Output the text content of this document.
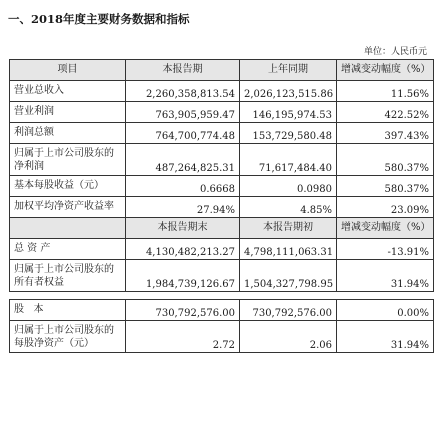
一、2018年度主要财务数据和指标
单位：人民币元
项目	本报告期	上年同期	增减变动幅度（%）
营业总收入	2,260,358,813.54	2,026,123,515.86	11.56%
营业利润	763,905,959.47	146,195,974.53	422.52%
利润总额	764,700,774.48	153,729,580.48	397.43%
归属于上市公司股东的净利润	487,264,825.31	71,617,484.40	580.37%
基本每股收益（元）	0.6668	0.0980	580.37%
加权平均净资产收益率	27.94%	4.85%	23.09%
	本报告期末	本报告期初	增减变动幅度（%）
总 资 产	4,130,482,213.27	4,798,111,063.31	-13.91%
归属于上市公司股东的所有者权益	1,984,739,126.67	1,504,327,798.95	31.94%

股   本	730,792,576.00	730,792,576.00	0.00%
归属于上市公司股东的每股净资产（元）	2.72	2.06	31.94%
